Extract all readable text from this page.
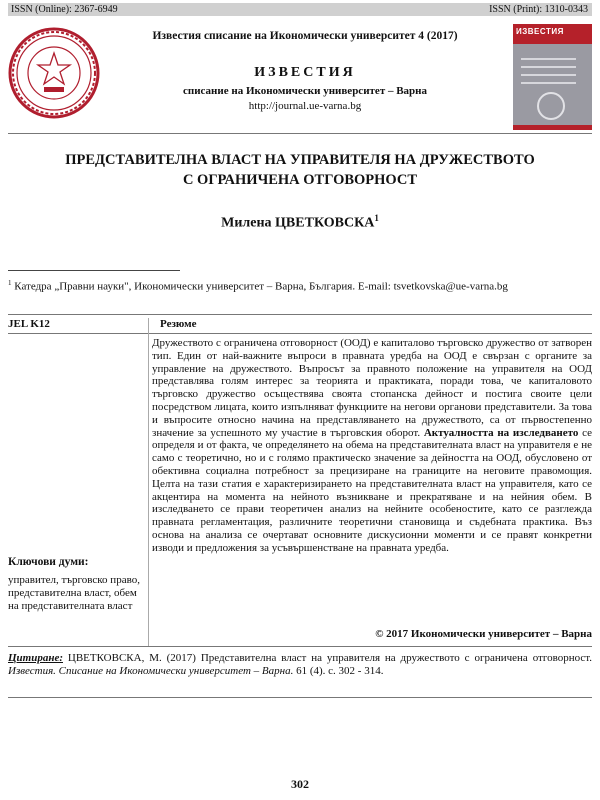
ISSN (Online): 2367-6949	ISSN (Print): 1310-0343
Известия списание на Икономически университет 4 (2017)
ИЗВЕСТИЯ
списание на Икономически университет – Варна
http://journal.ue-varna.bg
ИЗВЕСТИЯ
ПРЕДСТАВИТЕЛНА ВЛАСТ НА УПРАВИТЕЛЯ НА ДРУЖЕСТВОТО
С ОГРАНИЧЕНА ОТГОВОРНОСТ
Милена ЦВЕТКОВСКА$^1$
$^1$ Катедра „Правни науки", Икономически университет – Варна, България. E-mail: tsvetkovska@ue-varna.bg
JEL K12	Резюме
Ключови думи:
управител, търговско право, представителна власт, обем на представителната власт
Дружеството с ограничена отговорност (ООД) е капиталово търговско дружество от затворен тип. Един от най-важните въпроси в правната уредба на ООД е свързан с органите за управление на дружеството. Въпросът за правното положение на управителя на ООД представлява голям интерес за теорията и практиката, поради това, че капиталовото търговско дружество осъществява своята стопанска дейност и постига своите цели посредством лицата, които изпълняват функциите на негови органови представители. За това и въпросите относно начина на представляването на дружеството, са от първостепенно значение за успешното му участие в търговския оборот. Актуалността на изследването се определя и от факта, че определянето на обема на представителната власт на управителя е не само с теоретично, но и с голямо практическо значение за дейността на ООД, обусловено от обективна социална потребност за прецизиране на границите на неговите правомощия. Целта на тази статия е характеризирането на представителната власт на управителя, като се акцентира на момента на нейното възникване и прекратяване и на нейния обем. В изследването се прави теоретичен анализ на нейните особеностите, като се разглежда правната регламентация, различните теоретични становища и съдебната практика. Въз основа на анализа се очертават основните дискусионни моменти и се правят конкретни изводи и предложения за усъвършенстване на правната уредба.
© 2017 Икономически университет – Варна
Цитиране: ЦВЕТКОВСКА, М. (2017) Представителна власт на управителя на дружеството с ограничена отговорност. Известия. Списание на Икономически университет – Варна. 61 (4). с. 302 - 314.
302
